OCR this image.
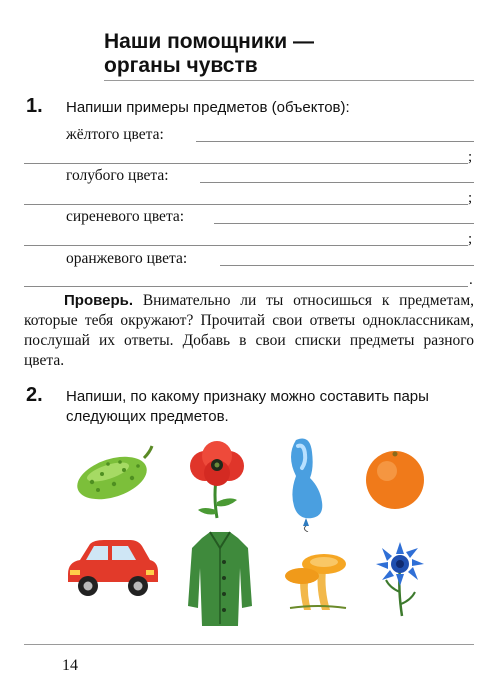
Наши помощники —
органы чувств
1. Напиши примеры предметов (объектов):
жёлтого цвета:
;
голубого цвета:
;
сиреневого цвета:
;
оранжевого цвета:
.
Проверь. Внимательно ли ты относишься к предметам, которые тебя окружают? Прочитай свои ответы одноклассникам, послушай их ответы. Добавь в свои списки предметы разного цвета.
2. Напиши, по какому признаку можно составить пары
следующих предметов.
14
